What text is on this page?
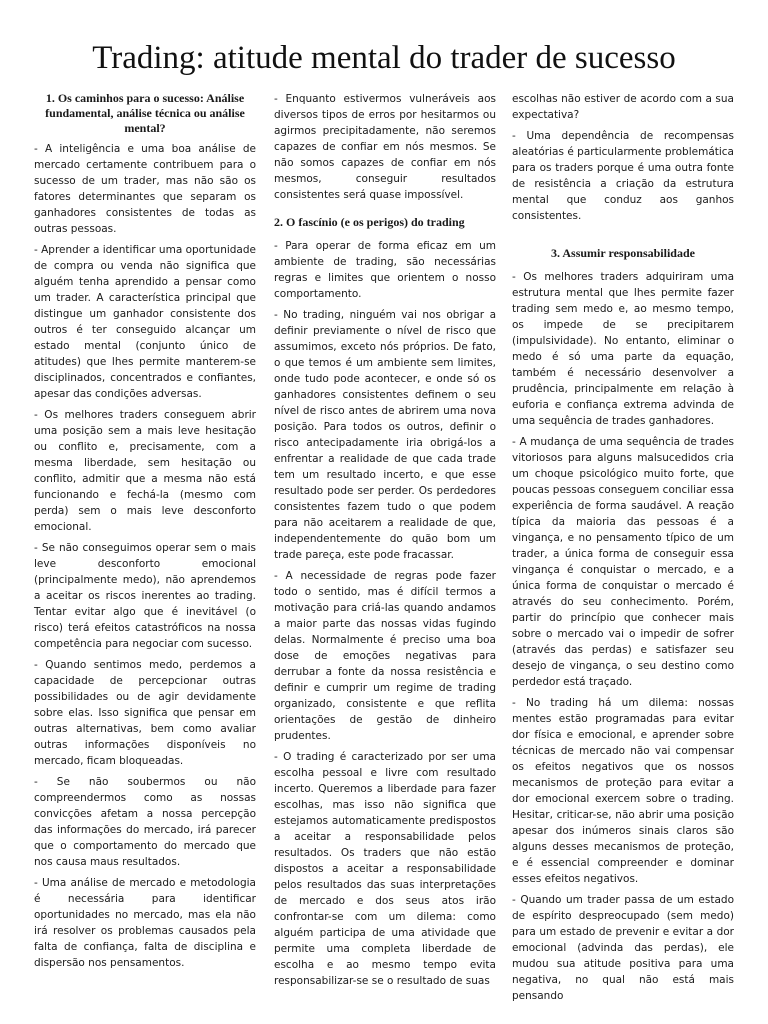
Trading: atitude mental do trader de sucesso
1. Os caminhos para o sucesso: Análise fundamental, análise técnica ou análise mental?

- A inteligência e uma boa análise de mercado certamente contribuem para o sucesso de um trader, mas não são os fatores determinantes que separam os ganhadores consistentes de todas as outras pessoas.

- Aprender a identificar uma oportunidade de compra ou venda não significa que alguém tenha aprendido a pensar como um trader. A característica principal que distingue um ganhador consistente dos outros é ter conseguido alcançar um estado mental (conjunto único de atitudes) que lhes permite manterem-se disciplinados, concentrados e confiantes, apesar das condições adversas.

- Os melhores traders conseguem abrir uma posição sem a mais leve hesitação ou conflito e, precisamente, com a mesma liberdade, sem hesitação ou conflito, admitir que a mesma não está funcionando e fechá-la (mesmo com perda) sem o mais leve desconforto emocional.

- Se não conseguimos operar sem o mais leve desconforto emocional (principalmente medo), não aprendemos a aceitar os riscos inerentes ao trading. Tentar evitar algo que é inevitável (o risco) terá efeitos catastróficos na nossa competência para negociar com sucesso.

- Quando sentimos medo, perdemos a capacidade de percepcionar outras possibilidades ou de agir devidamente sobre elas. Isso significa que pensar em outras alternativas, bem como avaliar outras informações disponíveis no mercado, ficam bloqueadas.

- Se não soubermos ou não compreendermos como as nossas convicções afetam a nossa percepção das informações do mercado, irá parecer que o comportamento do mercado que nos causa maus resultados.

- Uma análise de mercado e metodologia é necessária para identificar oportunidades no mercado, mas ela não irá resolver os problemas causados pela falta de confiança, falta de disciplina e dispersão nos pensamentos.

- Enquanto estivermos vulneráveis aos diversos tipos de erros por hesitarmos ou agirmos precipitadamente, não seremos capazes de confiar em nós mesmos. Se não somos capazes de confiar em nós mesmos, conseguir resultados consistentes será quase impossível.

2. O fascínio (e os perigos) do trading

- Para operar de forma eficaz em um ambiente de trading, são necessárias regras e limites que orientem o nosso comportamento.

- No trading, ninguém vai nos obrigar a definir previamente o nível de risco que assumimos, exceto nós próprios. De fato, o que temos é um ambiente sem limites, onde tudo pode acontecer, e onde só os ganhadores consistentes definem o seu nível de risco antes de abrirem uma nova posição. Para todos os outros, definir o risco antecipadamente iria obrigá-los a enfrentar a realidade de que cada trade tem um resultado incerto, e que esse resultado pode ser perder. Os perdedores consistentes fazem tudo o que podem para não aceitarem a realidade de que, independentemente do quão bom um trade pareça, este pode fracassar.

- A necessidade de regras pode fazer todo o sentido, mas é difícil termos a motivação para criá-las quando andamos a maior parte das nossas vidas fugindo delas. Normalmente é preciso uma boa dose de emoções negativas para derrubar a fonte da nossa resistência e definir e cumprir um regime de trading organizado, consistente e que reflita orientações de gestão de dinheiro prudentes.

- O trading é caracterizado por ser uma escolha pessoal e livre com resultado incerto. Queremos a liberdade para fazer escolhas, mas isso não significa que estejamos automaticamente predispostos a aceitar a responsabilidade pelos resultados. Os traders que não estão dispostos a aceitar a responsabilidade pelos resultados das suas interpretações de mercado e dos seus atos irão confrontar-se com um dilema: como alguém participa de uma atividade que permite uma completa liberdade de escolha e ao mesmo tempo evita responsabilizar-se se o resultado de suas

escolhas não estiver de acordo com a sua expectativa?

- Uma dependência de recompensas aleatórias é particularmente problemática para os traders porque é uma outra fonte de resistência a criação da estrutura mental que conduz aos ganhos consistentes.

3. Assumir responsabilidade

- Os melhores traders adquiriram uma estrutura mental que lhes permite fazer trading sem medo e, ao mesmo tempo, os impede de se precipitarem (impulsividade). No entanto, eliminar o medo é só uma parte da equação, também é necessário desenvolver a prudência, principalmente em relação à euforia e confiança extrema advinda de uma sequência de trades ganhadores.

- A mudança de uma sequência de trades vitoriosos para alguns malsucedidos cria um choque psicológico muito forte, que poucas pessoas conseguem conciliar essa experiência de forma saudável. A reação típica da maioria das pessoas é a vingança, e no pensamento típico de um trader, a única forma de conseguir essa vingança é conquistar o mercado, e a única forma de conquistar o mercado é através do seu conhecimento. Porém, partir do princípio que conhecer mais sobre o mercado vai o impedir de sofrer (através das perdas) e satisfazer seu desejo de vingança, o seu destino como perdedor está traçado.

- No trading há um dilema: nossas mentes estão programadas para evitar dor física e emocional, e aprender sobre técnicas de mercado não vai compensar os efeitos negativos que os nossos mecanismos de proteção para evitar a dor emocional exercem sobre o trading. Hesitar, criticar-se, não abrir uma posição apesar dos inúmeros sinais claros são alguns desses mecanismos de proteção, e é essencial compreender e dominar esses efeitos negativos.

- Quando um trader passa de um estado de espírito despreocupado (sem medo) para um estado de prevenir e evitar a dor emocional (advinda das perdas), ele mudou sua atitude positiva para uma negativa, no qual não está mais pensando
